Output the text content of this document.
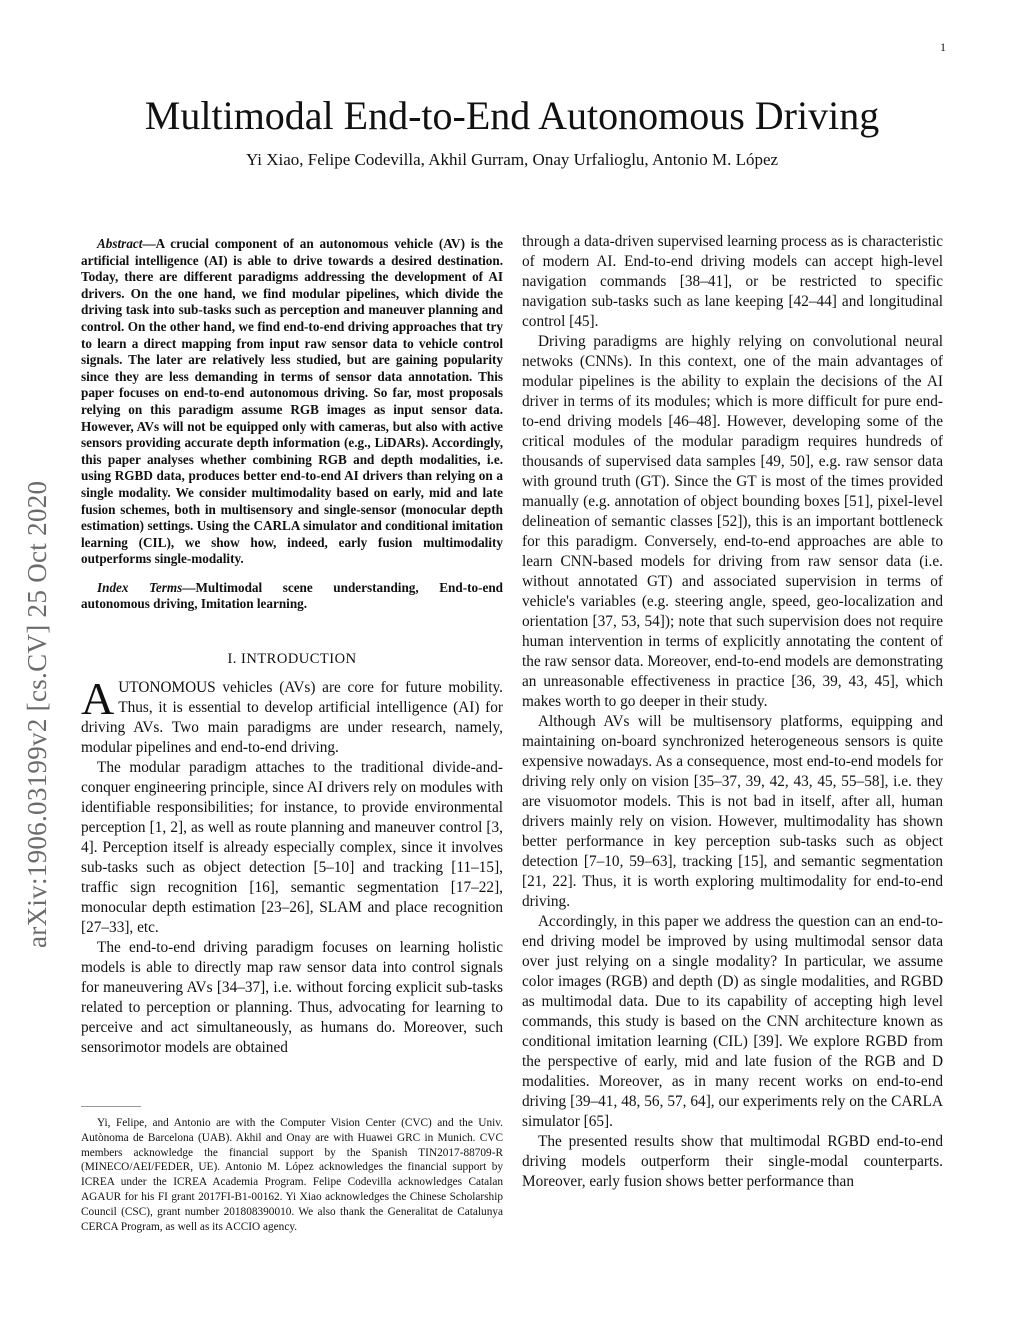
1
arXiv:1906.03199v2 [cs.CV] 25 Oct 2020
Multimodal End-to-End Autonomous Driving
Yi Xiao, Felipe Codevilla, Akhil Gurram, Onay Urfalioglu, Antonio M. López

Abstract—A crucial component of an autonomous vehicle (AV) is the artificial intelligence (AI) is able to drive towards a desired destination. Today, there are different paradigms addressing the development of AI drivers. On the one hand, we find modular pipelines, which divide the driving task into sub-tasks such as perception and maneuver planning and control. On the other hand, we find end-to-end driving approaches that try to learn a direct mapping from input raw sensor data to vehicle control signals. The later are relatively less studied, but are gaining popularity since they are less demanding in terms of sensor data annotation. This paper focuses on end-to-end autonomous driving. So far, most proposals relying on this paradigm assume RGB images as input sensor data. However, AVs will not be equipped only with cameras, but also with active sensors providing accurate depth information (e.g., LiDARs). Accordingly, this paper analyses whether combining RGB and depth modalities, i.e. using RGBD data, produces better end-to-end AI drivers than relying on a single modality. We consider multimodality based on early, mid and late fusion schemes, both in multisensory and single-sensor (monocular depth estimation) settings. Using the CARLA simulator and conditional imitation learning (CIL), we show how, indeed, early fusion multimodality outperforms single-modality.

Index Terms—Multimodal scene understanding, End-to-end autonomous driving, Imitation learning.

I. INTRODUCTION

AUTONOMOUS vehicles (AVs) are core for future mobility. Thus, it is essential to develop artificial intelligence (AI) for driving AVs. Two main paradigms are under research, namely, modular pipelines and end-to-end driving.

The modular paradigm attaches to the traditional divide-and-conquer engineering principle, since AI drivers rely on modules with identifiable responsibilities; for instance, to provide environmental perception [1, 2], as well as route planning and maneuver control [3, 4]. Perception itself is already especially complex, since it involves sub-tasks such as object detection [5–10] and tracking [11–15], traffic sign recognition [16], semantic segmentation [17–22], monocular depth estimation [23–26], SLAM and place recognition [27–33], etc.

The end-to-end driving paradigm focuses on learning holistic models is able to directly map raw sensor data into control signals for maneuvering AVs [34–37], i.e. without forcing explicit sub-tasks related to perception or planning. Thus, advocating for learning to perceive and act simultaneously, as humans do. Moreover, such sensorimotor models are obtained

Yi, Felipe, and Antonio are with the Computer Vision Center (CVC) and the Univ. Autònoma de Barcelona (UAB). Akhil and Onay are with Huawei GRC in Munich. CVC members acknowledge the financial support by the Spanish TIN2017-88709-R (MINECO/AEI/FEDER, UE). Antonio M. López acknowledges the financial support by ICREA under the ICREA Academia Program. Felipe Codevilla acknowledges Catalan AGAUR for his FI grant 2017FI-B1-00162. Yi Xiao acknowledges the Chinese Scholarship Council (CSC), grant number 201808390010. We also thank the Generalitat de Catalunya CERCA Program, as well as its ACCIO agency.

through a data-driven supervised learning process as is characteristic of modern AI. End-to-end driving models can accept high-level navigation commands [38–41], or be restricted to specific navigation sub-tasks such as lane keeping [42–44] and longitudinal control [45].

Driving paradigms are highly relying on convolutional neural netwoks (CNNs). In this context, one of the main advantages of modular pipelines is the ability to explain the decisions of the AI driver in terms of its modules; which is more difficult for pure end-to-end driving models [46–48]. However, developing some of the critical modules of the modular paradigm requires hundreds of thousands of supervised data samples [49, 50], e.g. raw sensor data with ground truth (GT). Since the GT is most of the times provided manually (e.g. annotation of object bounding boxes [51], pixel-level delineation of semantic classes [52]), this is an important bottleneck for this paradigm. Conversely, end-to-end approaches are able to learn CNN-based models for driving from raw sensor data (i.e. without annotated GT) and associated supervision in terms of vehicle's variables (e.g. steering angle, speed, geo-localization and orientation [37, 53, 54]); note that such supervision does not require human intervention in terms of explicitly annotating the content of the raw sensor data. Moreover, end-to-end models are demonstrating an unreasonable effectiveness in practice [36, 39, 43, 45], which makes worth to go deeper in their study.

Although AVs will be multisensory platforms, equipping and maintaining on-board synchronized heterogeneous sensors is quite expensive nowadays. As a consequence, most end-to-end models for driving rely only on vision [35–37, 39, 42, 43, 45, 55–58], i.e. they are visuomotor models. This is not bad in itself, after all, human drivers mainly rely on vision. However, multimodality has shown better performance in key perception sub-tasks such as object detection [7–10, 59–63], tracking [15], and semantic segmentation [21, 22]. Thus, it is worth exploring multimodality for end-to-end driving.

Accordingly, in this paper we address the question can an end-to-end driving model be improved by using multimodal sensor data over just relying on a single modality? In particular, we assume color images (RGB) and depth (D) as single modalities, and RGBD as multimodal data. Due to its capability of accepting high level commands, this study is based on the CNN architecture known as conditional imitation learning (CIL) [39]. We explore RGBD from the perspective of early, mid and late fusion of the RGB and D modalities. Moreover, as in many recent works on end-to-end driving [39–41, 48, 56, 57, 64], our experiments rely on the CARLA simulator [65].

The presented results show that multimodal RGBD end-to-end driving models outperform their single-modal counterparts. Moreover, early fusion shows better performance than
